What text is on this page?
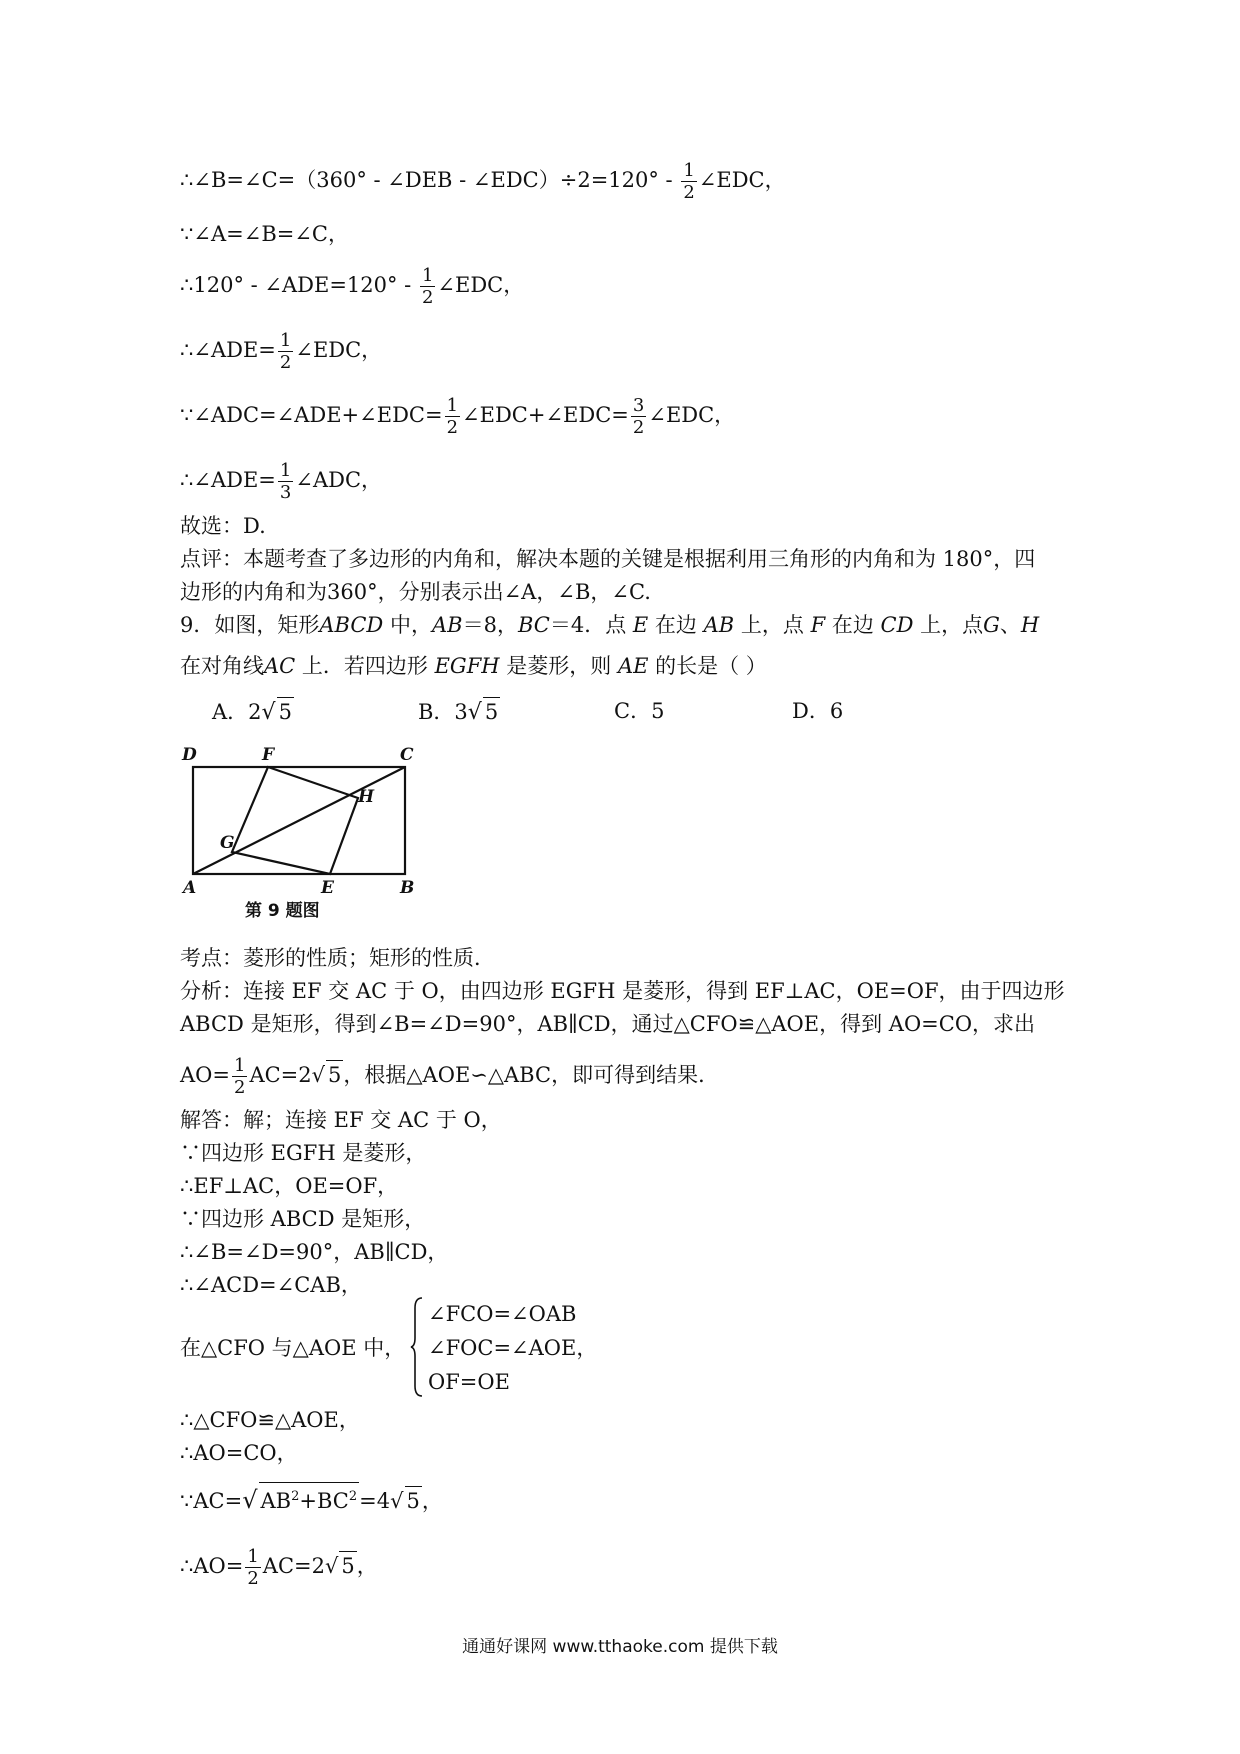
∴∠B=∠C=（360° - ∠DEB - ∠EDC）÷2=120° - $\frac{1}{2}$ ∠EDC，
∵∠A=∠B=∠C，
∴120° - ∠ADE=120° - $\frac{1}{2}$ ∠EDC，
∴∠ADE= $\frac{1}{2}$ ∠EDC，
∵∠ADC=∠ADE+∠EDC= $\frac{1}{2}$ ∠EDC+∠EDC= $\frac{3}{2}$ ∠EDC，
∴∠ADE= $\frac{1}{3}$ ∠ADC，
故选：D.
点评：本题考查了多边形的内角和，解决本题的关键是根据利用三角形的内角和为 180°，四
边形的内角和为360°，分别表示出∠A，∠B，∠C.
9．如图，矩形ABCD 中，AB＝8，BC＝4．点 E 在边 AB 上，点 F 在边 CD 上，点G、H
在对角线AC 上．若四边形 EGFH 是菱形，则 AE 的长是（ ）
A．2√ 5	B．3√ 5	C．5	D．6
D	F	C
H
G
A	E	B
第 9 题图
考点：菱形的性质；矩形的性质．
分析：连接 EF 交 AC 于 O，由四边形 EGFH 是菱形，得到 EF⊥AC，OE=OF，由于四边形
ABCD 是矩形，得到∠B=∠D=90°，AB∥CD，通过△CFO≌△AOE，得到 AO=CO，求出
$AO= \frac{1}{2} AC=2√$ 5，根据△AOE∽△ABC，即可得到结果．
解答：解；连接 EF 交 AC 于 O，
∵四边形 EGFH 是菱形，
∴EF⊥AC，OE=OF，
∵四边形 ABCD 是矩形，
∴∠B=∠D=90°，AB∥CD，
∴∠ACD=∠CAB，
在△CFO 与△AOE 中，
∠FCO=∠OAB
∠FOC=∠AOE，
OF=OE
∴△CFO≌△AOE，
∴AO=CO，
∵AC=√ $AB^2+BC^2=4√$ 5，
∴AO= $\frac{1}{2} AC=2√$ 5，
通通好课网 www.tthaoke.com 提供下载
